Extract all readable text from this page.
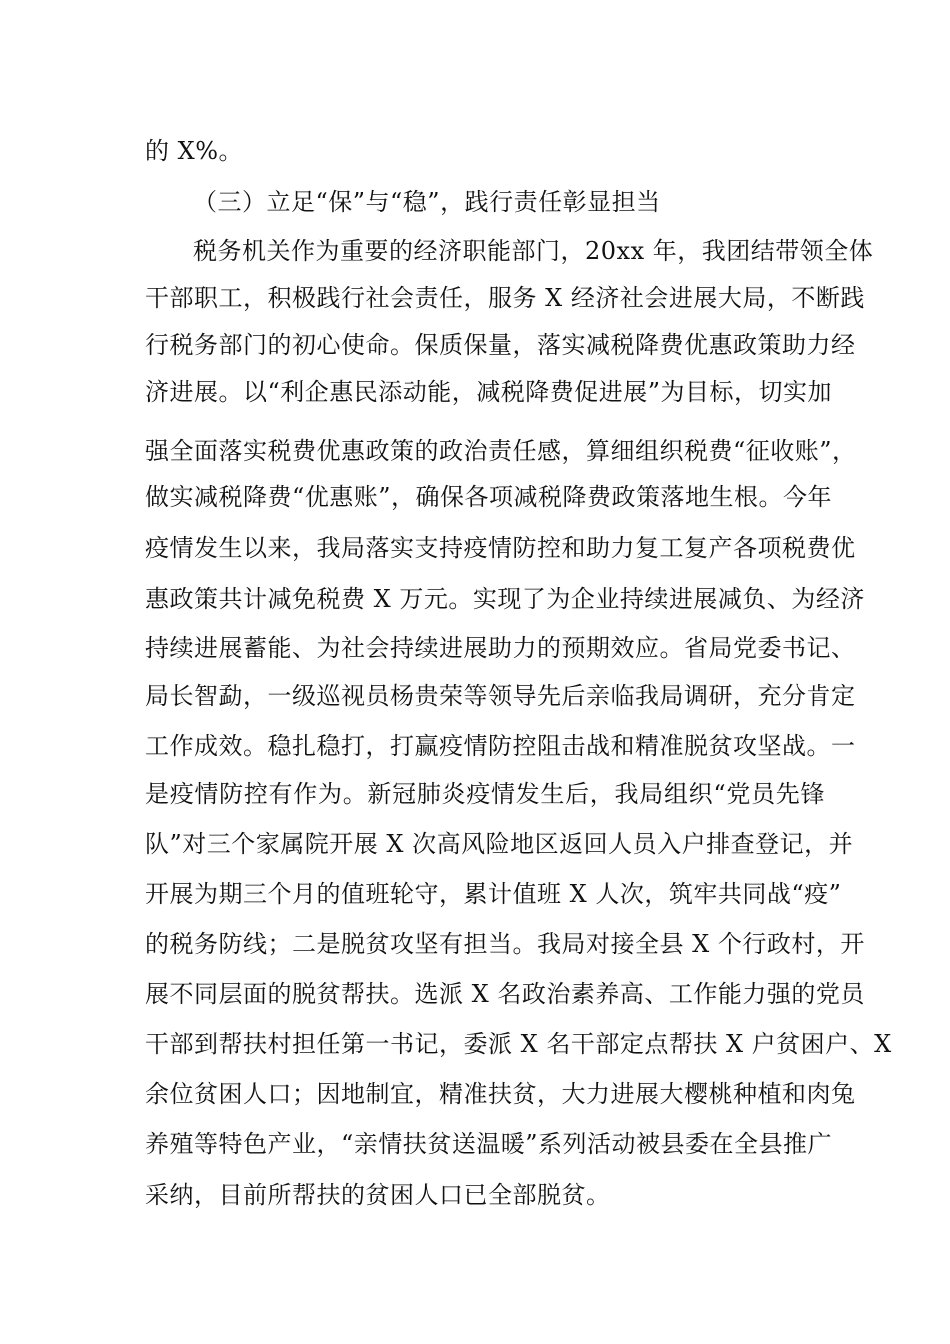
的 X%。
（三）立足“保”与“稳”，践行责任彰显担当
税务机关作为重要的经济职能部门，20xx 年，我团结带领全体
干部职工，积极践行社会责任，服务 X 经济社会进展大局，不断践
行税务部门的初心使命。保质保量，落实减税降费优惠政策助力经
济进展。以“利企惠民添动能，减税降费促进展”为目标，切实加
强全面落实税费优惠政策的政治责任感，算细组织税费“征收账”，
做实减税降费“优惠账”，确保各项减税降费政策落地生根。今年
疫情发生以来，我局落实支持疫情防控和助力复工复产各项税费优
惠政策共计减免税费 X 万元。实现了为企业持续进展减负、为经济
持续进展蓄能、为社会持续进展助力的预期效应。省局党委书记、
局长智勐，一级巡视员杨贵荣等领导先后亲临我局调研，充分肯定
工作成效。稳扎稳打，打赢疫情防控阻击战和精准脱贫攻坚战。一
是疫情防控有作为。新冠肺炎疫情发生后，我局组织“党员先锋
队”对三个家属院开展 X 次高风险地区返回人员入户排查登记，并
开展为期三个月的值班轮守，累计值班 X 人次，筑牢共同战“疫”
的税务防线；二是脱贫攻坚有担当。我局对接全县 X 个行政村，开
展不同层面的脱贫帮扶。选派 X 名政治素养高、工作能力强的党员
干部到帮扶村担任第一书记，委派 X 名干部定点帮扶 X 户贫困户、X
余位贫困人口；因地制宜，精准扶贫，大力进展大樱桃种植和肉兔
养殖等特色产业，“亲情扶贫送温暖”系列活动被县委在全县推广
采纳，目前所帮扶的贫困人口已全部脱贫。
